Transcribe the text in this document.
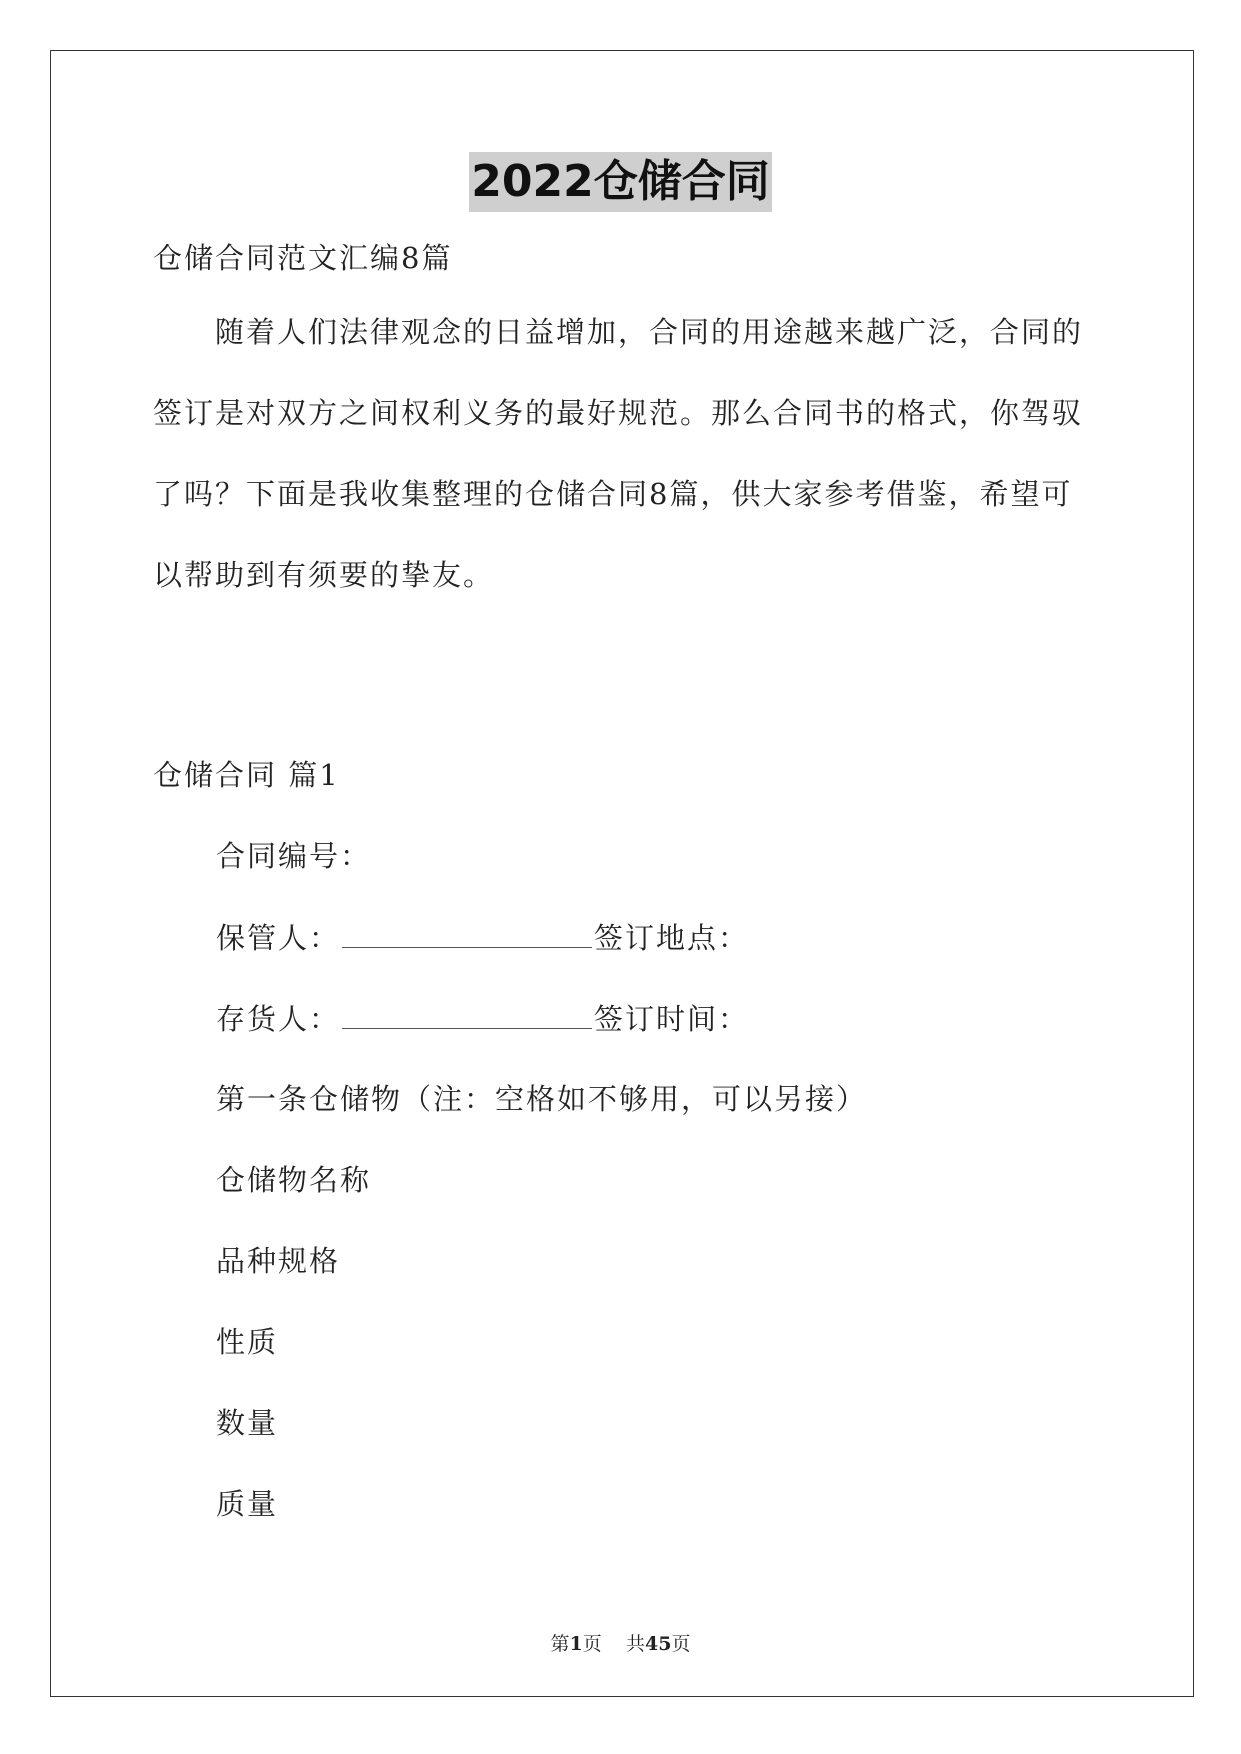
2022仓储合同
仓储合同范文汇编8篇
　　随着人们法律观念的日益增加，合同的用途越来越广泛，合同的
签订是对双方之间权利义务的最好规范。那么合同书的格式，你驾驭
了吗？下面是我收集整理的仓储合同8篇，供大家参考借鉴，希望可
以帮助到有须要的挚友。
仓储合同 篇1
合同编号：
保管人：	签订地点：
存货人：	签订时间：
第一条仓储物（注：空格如不够用，可以另接）
仓储物名称
品种规格
性质
数量
质量
第1页 共45页
